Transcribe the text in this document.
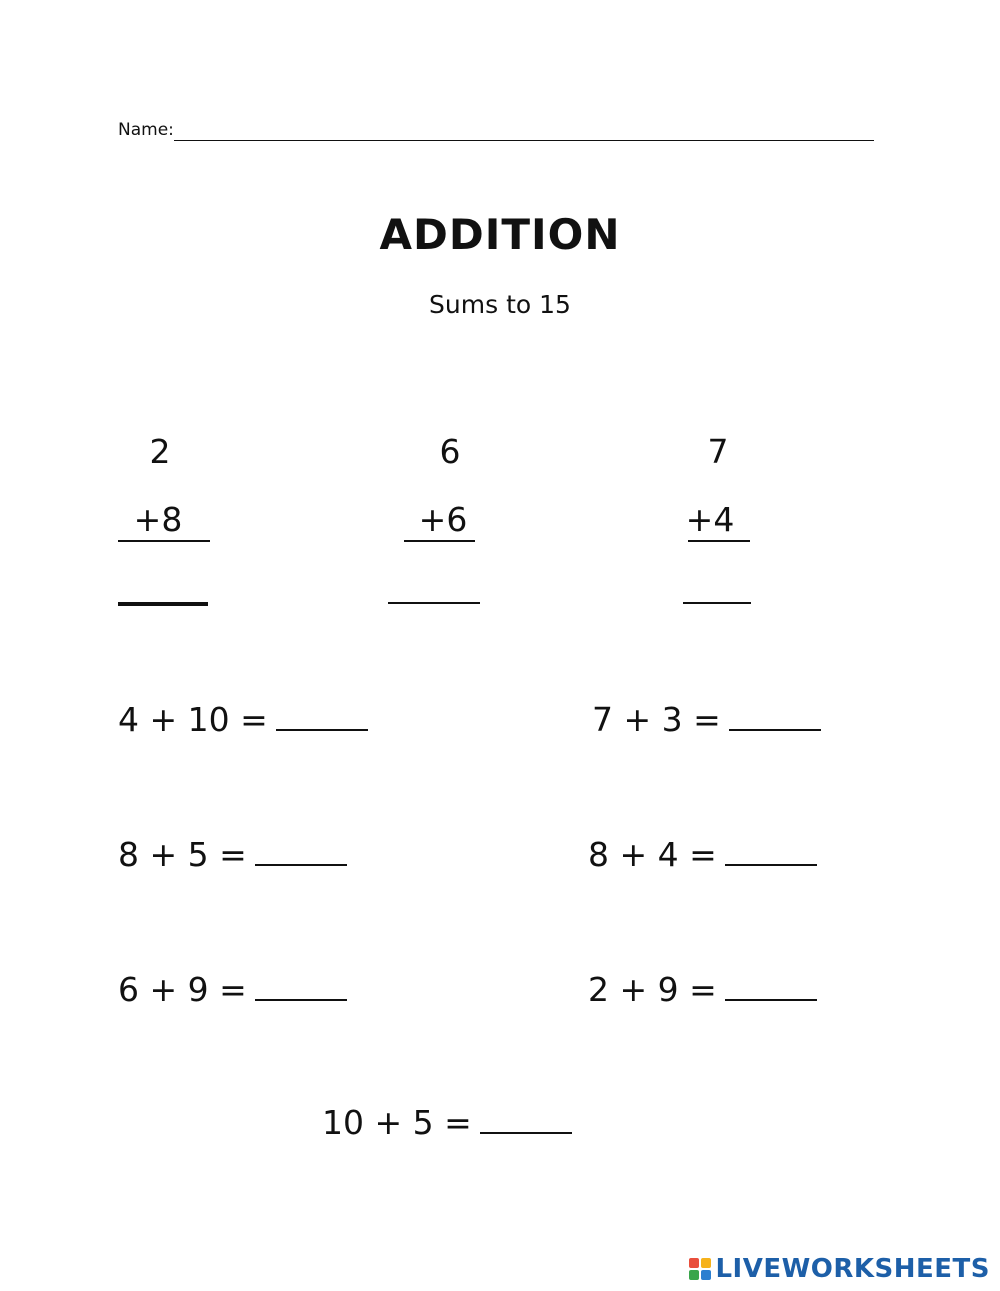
Name:
ADDITION
Sums to 15
2
+8
6
+6
7
+4
4 + 10 =	7 + 3 =
8 + 5 =	8 + 4 =
6 + 9 =	2 + 9 =
10 + 5 =
LIVEWORKSHEETS
